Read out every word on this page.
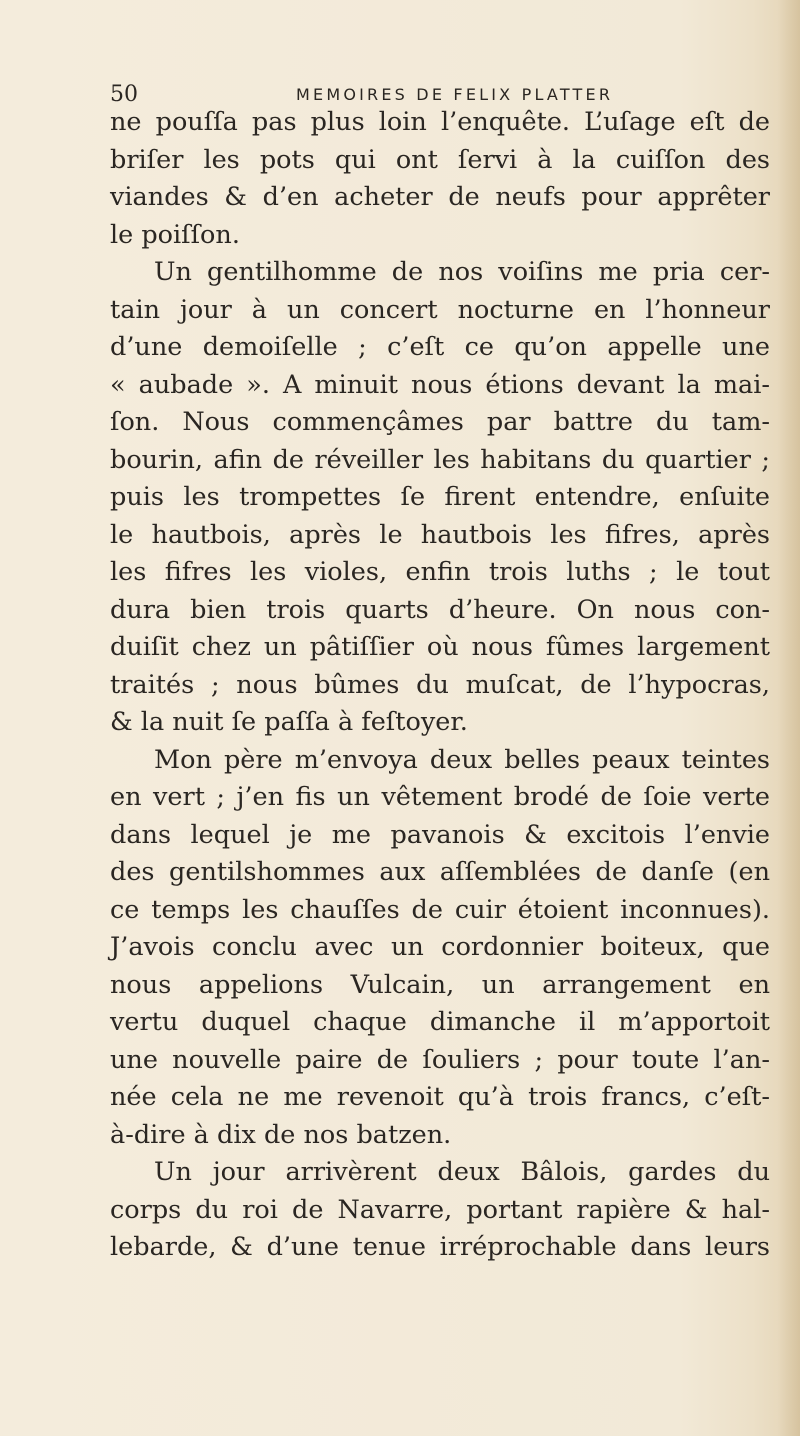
50	MEMOIRES DE FELIX PLATTER
ne pouſſa pas plus loin l’enquête. L’uſage eſt de
briſer les pots qui ont ſervi à la cuiſſon des
viandes & d’en acheter de neufs pour apprêter
le poiſſon.
Un gentilhomme de nos voiſins me pria cer-
tain jour à un concert nocturne en l’honneur
d’une demoiſelle ; c’eſt ce qu’on appelle une
« aubade ». A minuit nous étions devant la mai-
ſon. Nous commençâmes par battre du tam-
bourin, afin de réveiller les habitans du quartier ;
puis les trompettes ſe firent entendre, enſuite
le hautbois, après le hautbois les fifres, après
les fifres les violes, enfin trois luths ; le tout
dura bien trois quarts d’heure. On nous con-
duiſit chez un pâtiſſier où nous fûmes largement
traités ; nous bûmes du muſcat, de l’hypocras,
& la nuit ſe paſſa à feſtoyer.
Mon père m’envoya deux belles peaux teintes
en vert ; j’en fis un vêtement brodé de ſoie verte
dans lequel je me pavanois & excitois l’envie
des gentilshommes aux aſſemblées de danſe (en
ce temps les chauſſes de cuir étoient inconnues).
J’avois conclu avec un cordonnier boiteux, que
nous appelions Vulcain, un arrangement en
vertu duquel chaque dimanche il m’apportoit
une nouvelle paire de ſouliers ; pour toute l’an-
née cela ne me revenoit qu’à trois francs, c’eſt-
à-dire à dix de nos batzen.
Un jour arrivèrent deux Bâlois, gardes du
corps du roi de Navarre, portant rapière & hal-
lebarde, & d’une tenue irréprochable dans leurs
